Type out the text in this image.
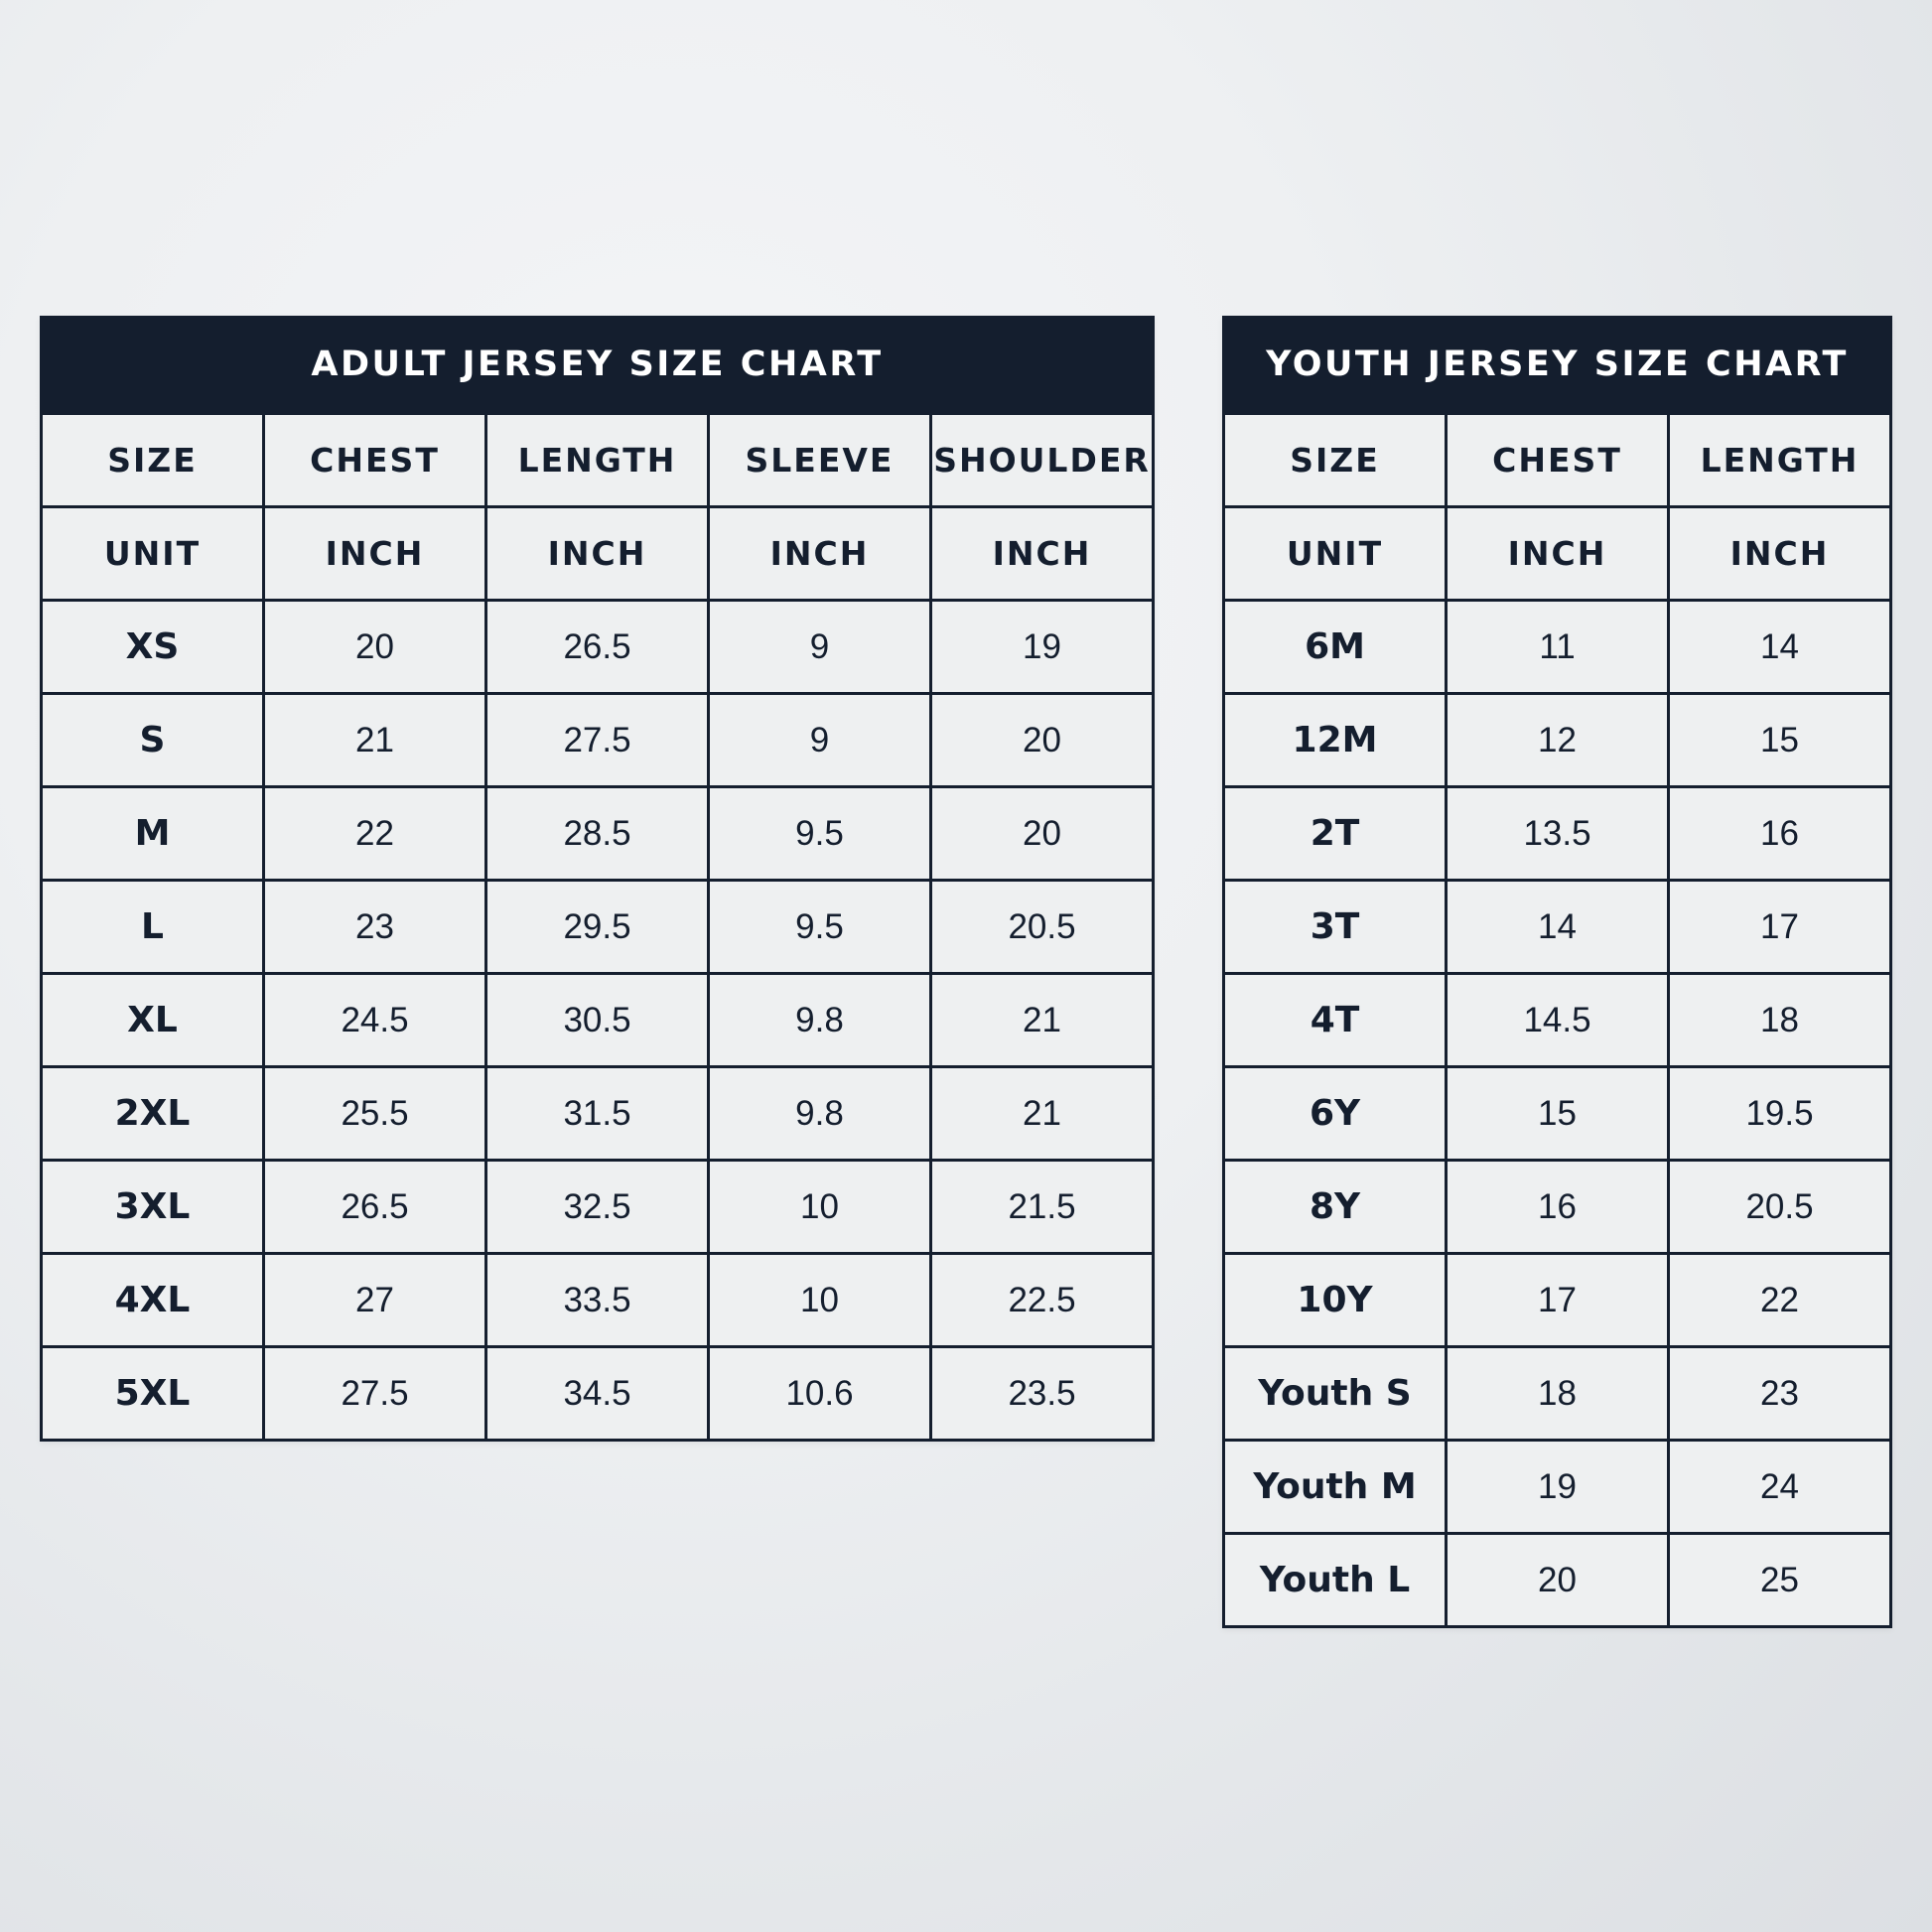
ADULT JERSEY SIZE CHART				
SIZE	CHEST	LENGTH	SLEEVE	SHOULDER
UNIT	INCH	INCH	INCH	INCH
XS	20	26.5	9	19
S	21	27.5	9	20
M	22	28.5	9.5	20
L	23	29.5	9.5	20.5
XL	24.5	30.5	9.8	21
2XL	25.5	31.5	9.8	21
3XL	26.5	32.5	10	21.5
4XL	27	33.5	10	22.5
5XL	27.5	34.5	10.6	23.5
YOUTH JERSEY SIZE CHART		
SIZE	CHEST	LENGTH
UNIT	INCH	INCH
6M	11	14
12M	12	15
2T	13.5	16
3T	14	17
4T	14.5	18
6Y	15	19.5
8Y	16	20.5
10Y	17	22
Youth S	18	23
Youth M	19	24
Youth L	20	25
